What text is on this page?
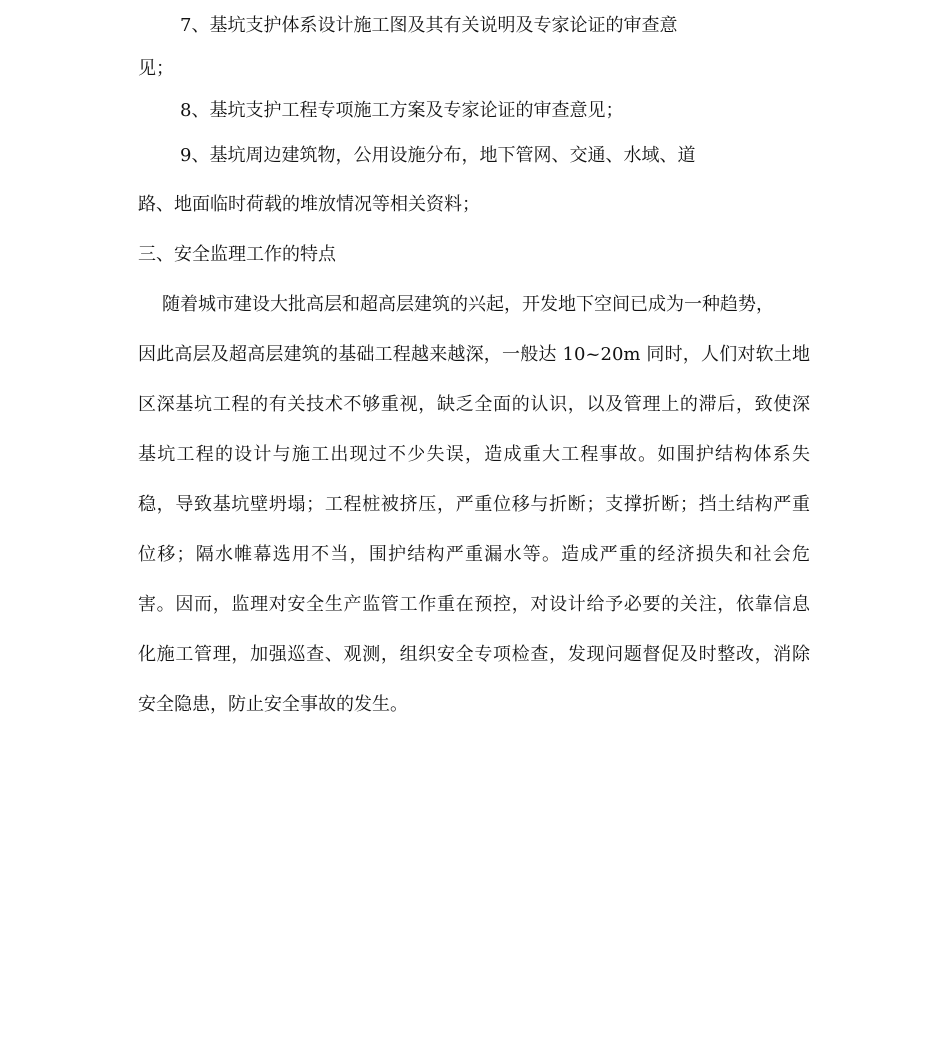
7、基坑支护体系设计施工图及其有关说明及专家论证的审查意

见；

8、基坑支护工程专项施工方案及专家论证的审查意见；

9、基坑周边建筑物，公用设施分布，地下管网、交通、水域、道

路、地面临时荷载的堆放情况等相关资料；

三、安全监理工作的特点

随着城市建设大批高层和超高层建筑的兴起，开发地下空间已成为一种趋势，

因此高层及超高层建筑的基础工程越来越深，一般达 10~20m 同时，人们对软土地

区深基坑工程的有关技术不够重视，缺乏全面的认识，以及管理上的滞后，致使深

基坑工程的设计与施工出现过不少失误，造成重大工程事故。如围护结构体系失

稳，导致基坑壁坍塌；工程桩被挤压，严重位移与折断；支撑折断；挡土结构严重

位移；隔水帷幕选用不当，围护结构严重漏水等。造成严重的经济损失和社会危

害。因而，监理对安全生产监管工作重在预控，对设计给予必要的关注，依靠信息

化施工管理，加强巡查、观测，组织安全专项检查，发现问题督促及时整改，消除

安全隐患，防止安全事故的发生。
